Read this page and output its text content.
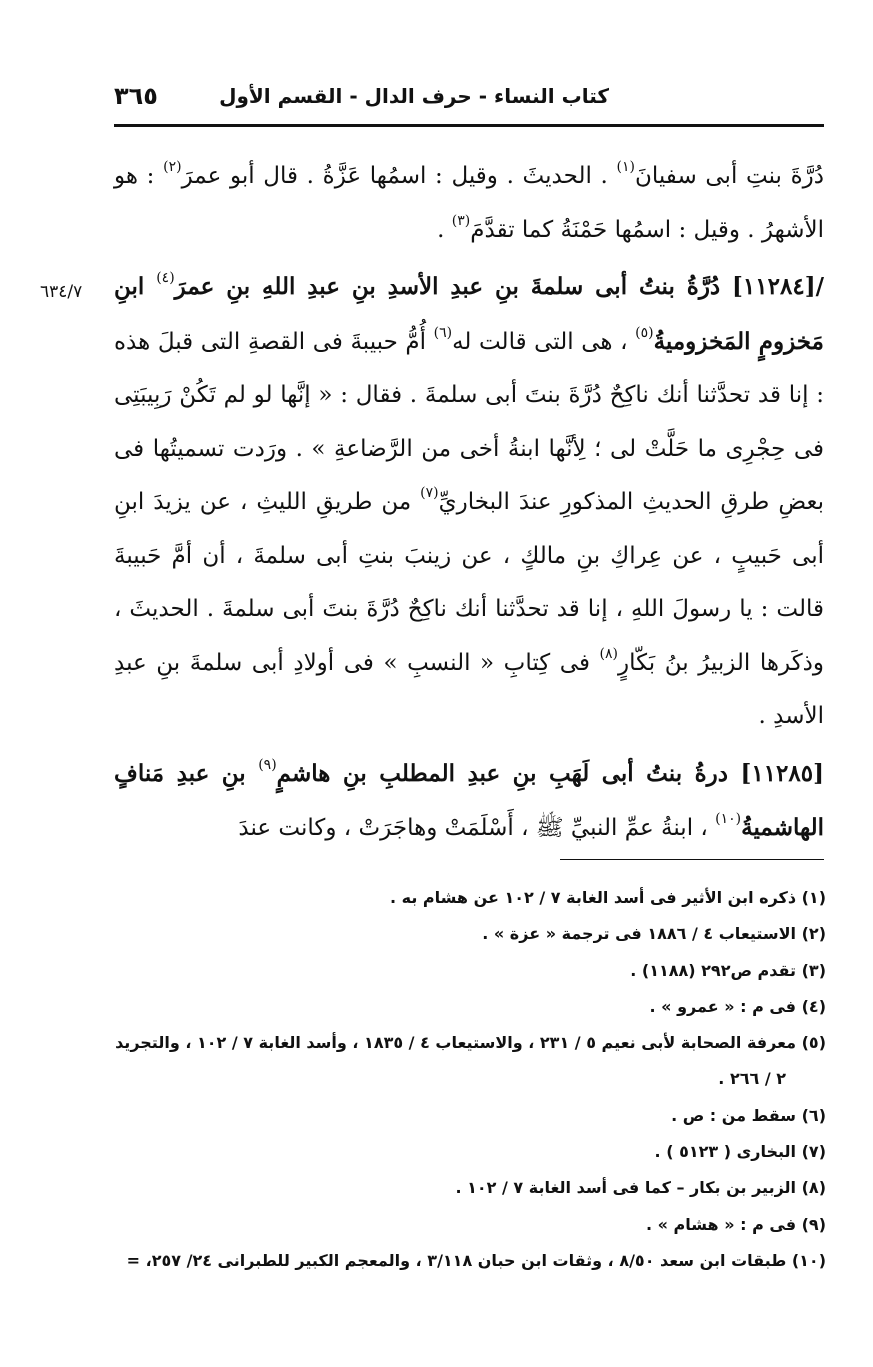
كتاب النساء - حرف الدال - القسم الأول
٣٦٥
٦٣٤/٧

دُرَّةَ بنتِ أبى سفيانَ$^{(١)}$ . الحديثَ . وقيل : اسمُها عَزَّةُ . قال أبو عمرَ$^{(٢)}$ : هو الأشهرُ . وقيل : اسمُها حَمْنَةُ كما تقدَّمَ$^{(٣)}$ .

/[١١٢٨٤] دُرَّةُ بنتُ أبى سلمةَ بنِ عبدِ الأسدِ بنِ عبدِ اللهِ بنِ عمرَ$^{(٤)}$ ابنِ مَخزومٍ المَخزوميةُ$^{(٥)}$ ، هى التى قالت له$^{(٦)}$ أُمُّ حبيبةَ فى القصةِ التى قبلَ هذه : إنا قد تحدَّثنا أنك ناكِحٌ دُرَّةَ بنتَ أبى سلمةَ . فقال : « إنَّها لو لم تَكُنْ رَبِيبَتِى فى حِجْرِى ما حَلَّتْ لى ؛ لِأنَّها ابنةُ أخى من الرَّضاعةِ » . ورَدت تسميتُها فى بعضِ طرقِ الحديثِ المذكورِ عندَ البخاريِّ$^{(٧)}$ من طريقِ الليثِ ، عن يزيدَ ابنِ أبى حَبيبٍ ، عن عِراكِ بنِ مالكٍ ، عن زينبَ بنتِ أبى سلمةَ ، أن أمَّ حَبيبةَ قالت : يا رسولَ اللهِ ، إنا قد تحدَّثنا أنك ناكِحٌ دُرَّةَ بنتَ أبى سلمةَ . الحديثَ ، وذكَرها الزبيرُ بنُ بَكّارٍ$^{(٨)}$ فى كِتابِ « النسبِ » فى أولادِ أبى سلمةَ بنِ عبدِ الأسدِ .

[١١٢٨٥] درةُ بنتُ أبى لَهَبِ بنِ عبدِ المطلبِ بنِ هاشمٍ$^{(٩)}$ بنِ عبدِ مَنافٍ الهاشميةُ$^{(١٠)}$ ، ابنةُ عمِّ النبيِّ ﷺ ، أَسْلَمَتْ وهاجَرَتْ ، وكانت عندَ

(١) ذكره ابن الأثير فى أسد الغابة ٧ / ١٠٢ عن هشام به .

(٢) الاستيعاب ٤ / ١٨٨٦ فى ترجمة « عزة » .

(٣) تقدم ص٢٩٢ (١١٨٨) .

(٤) فى م : « عمرو » .

(٥) معرفة الصحابة لأبى نعيم ٥ / ٢٣١ ، والاستيعاب ٤ / ١٨٣٥ ، وأسد الغابة ٧ / ١٠٢ ، والتجريد

٢ / ٢٦٦ .

(٦) سقط من : ص .

(٧) البخارى ( ٥١٢٣ ) .

(٨) الزبير بن بكار – كما فى أسد الغابة ٧ / ١٠٢ .

(٩) فى م : « هشام » .

(١٠) طبقات ابن سعد ٨/٥٠ ، وثقات ابن حبان ٣/١١٨ ، والمعجم الكبير للطبرانى ٢٤/ ٢٥٧، =
